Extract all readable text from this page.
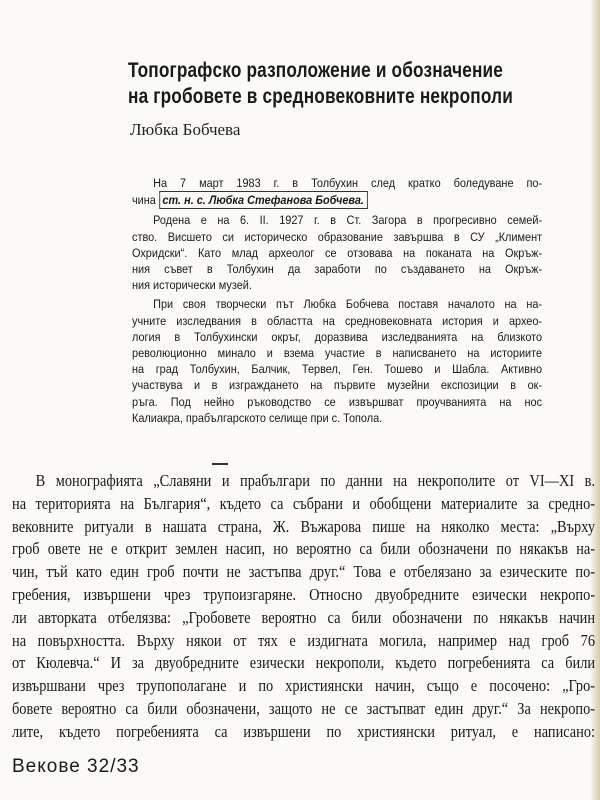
Топографско разположение и обозначение
на гробовете в средновековните некрополи
Любка Бобчева
На 7 март 1983 г. в Толбухин след кратко боледуване по-
чина ст. н. с. Любка Стефанова Бобчева.
Родена е на 6. II. 1927 г. в Ст. Загора в прогресивно семей-
ство. Висшето си историческо образование завършва в СУ „Климент
Охридски“. Като млад археолог се отзовава на поканата на Окръж-
ния съвет в Толбухин да заработи по създаването на Окръж-
ния исторически музей.
При своя творчески път Любка Бобчева поставя началото на на-
учните изследвания в областта на средновековната история и архео-
логия в Толбухински окръг, доразвива изследванията на близкото
революционно минало и взема участие в написването на историите
на град Толбухин, Балчик, Тервел, Ген. Тошево и Шабла. Активно
участвува и в изграждането на първите музейни експозиции в ок-
ръга. Под нейно ръководство се извършват проучванията на нос
Калиакра, прабългарското селище при с. Топола.
В монографията „Славяни и прабългари по данни на некрополите от VI—XI в.
на територията на България“, където са събрани и обобщени материалите за средно-
вековните ритуали в нашата страна, Ж. Въжарова пише на няколко места: „Върху
гроб овете не е открит землен насип, но вероятно са били обозначени по някакъв на-
чин, тъй като един гроб почти не застъпва друг.“ Това е отбелязано за езическите по-
гребения, извършени чрез трупоизгаряне. Относно двуобредните езически некропо-
ли авторката отбелязва: „Гробовете вероятно са били обозначени по някакъв начин
на повърхността. Върху някои от тях е издигната могила, например над гроб 76
от Кюлевча.“ И за двуобредните езически некрополи, където погребенията са били
извършвани чрез трупополагане и по християнски начин, също е посочено: „Гро-
бовете вероятно са били обозначени, защото не се застъпват един друг.“ За некропо-
лите, където погребенията са извършени по християнски ритуал, е написано:
Векове 32/33
